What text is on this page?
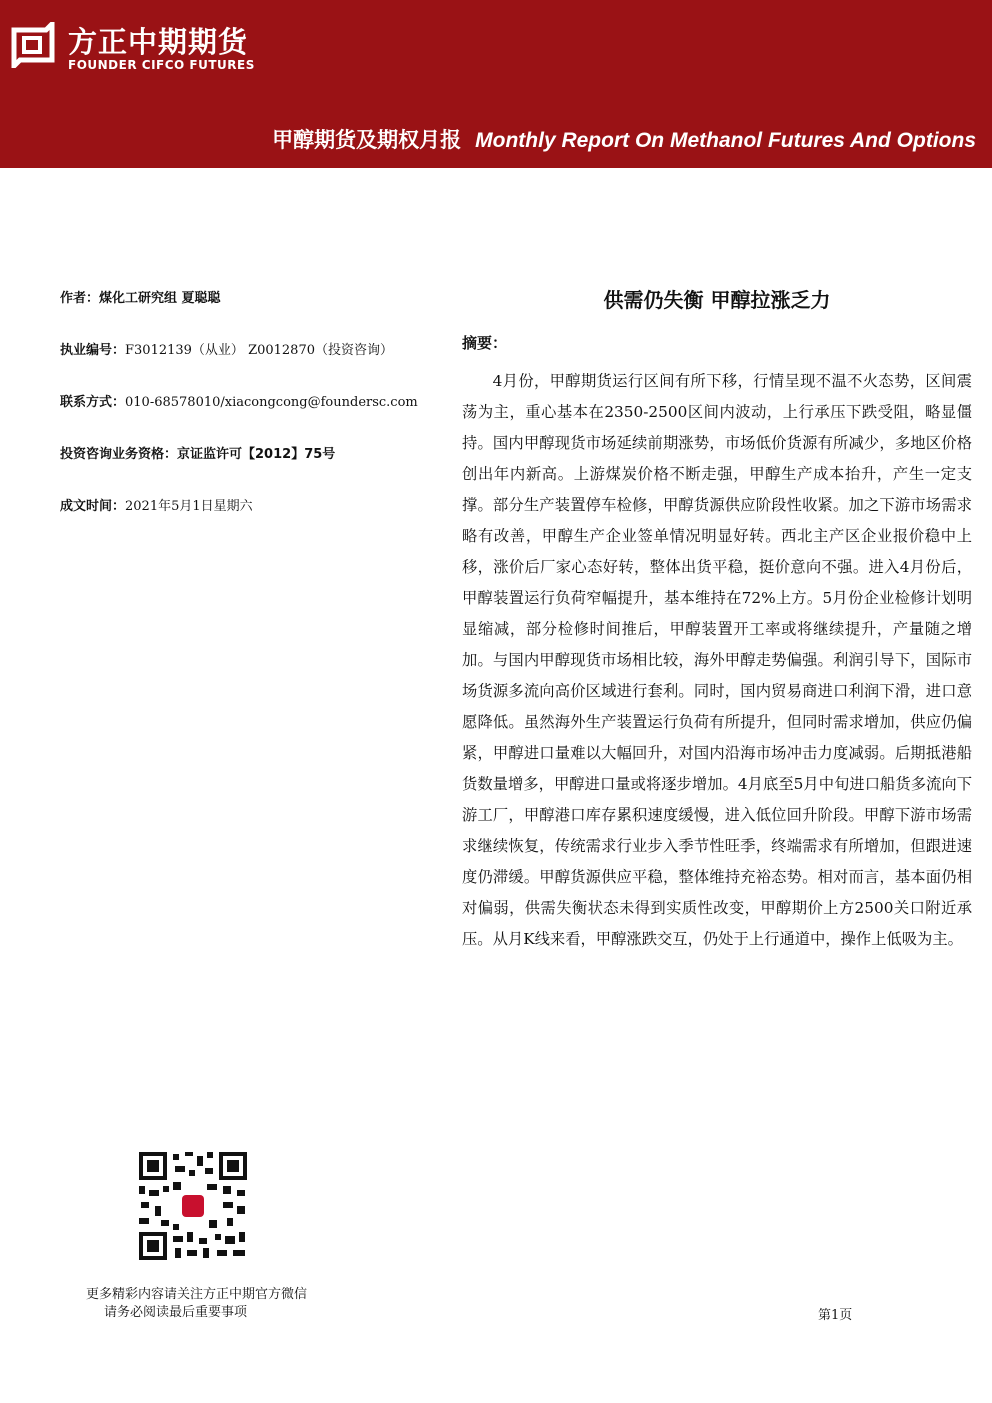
方正中期期货
FOUNDER CIFCO FUTURES
甲醇期货及期权月报 Monthly Report On Methanol Futures And Options
作者：煤化工研究组 夏聪聪
执业编号：F3012139（从业） Z0012870（投资咨询）
联系方式：010-68578010/xiacongcong@foundersc.com
投资咨询业务资格：京证监许可【2012】75号
成文时间：2021年5月1日星期六
供需仍失衡 甲醇拉涨乏力
摘要：

4月份，甲醇期货运行区间有所下移，行情呈现不温不火态势，区间震荡为主，重心基本在2350-2500区间内波动，上行承压下跌受阻，略显僵持。国内甲醇现货市场延续前期涨势，市场低价货源有所减少，多地区价格创出年内新高。上游煤炭价格不断走强，甲醇生产成本抬升，产生一定支撑。部分生产装置停车检修，甲醇货源供应阶段性收紧。加之下游市场需求略有改善，甲醇生产企业签单情况明显好转。西北主产区企业报价稳中上移，涨价后厂家心态好转，整体出货平稳，挺价意向不强。进入4月份后，甲醇装置运行负荷窄幅提升，基本维持在72%上方。5月份企业检修计划明显缩减，部分检修时间推后，甲醇装置开工率或将继续提升，产量随之增加。与国内甲醇现货市场相比较，海外甲醇走势偏强。利润引导下，国际市场货源多流向高价区域进行套利。同时，国内贸易商进口利润下滑，进口意愿降低。虽然海外生产装置运行负荷有所提升，但同时需求增加，供应仍偏紧，甲醇进口量难以大幅回升，对国内沿海市场冲击力度减弱。后期抵港船货数量增多，甲醇进口量或将逐步增加。4月底至5月中旬进口船货多流向下游工厂，甲醇港口库存累积速度缓慢，进入低位回升阶段。甲醇下游市场需求继续恢复，传统需求行业步入季节性旺季，终端需求有所增加，但跟进速度仍滞缓。甲醇货源供应平稳，整体维持充裕态势。相对而言，基本面仍相对偏弱，供需失衡状态未得到实质性改变，甲醇期价上方2500关口附近承压。从月K线来看，甲醇涨跌交互，仍处于上行通道中，操作上低吸为主。

更多精彩内容请关注方正中期官方微信
请务必阅读最后重要事项	第1页
